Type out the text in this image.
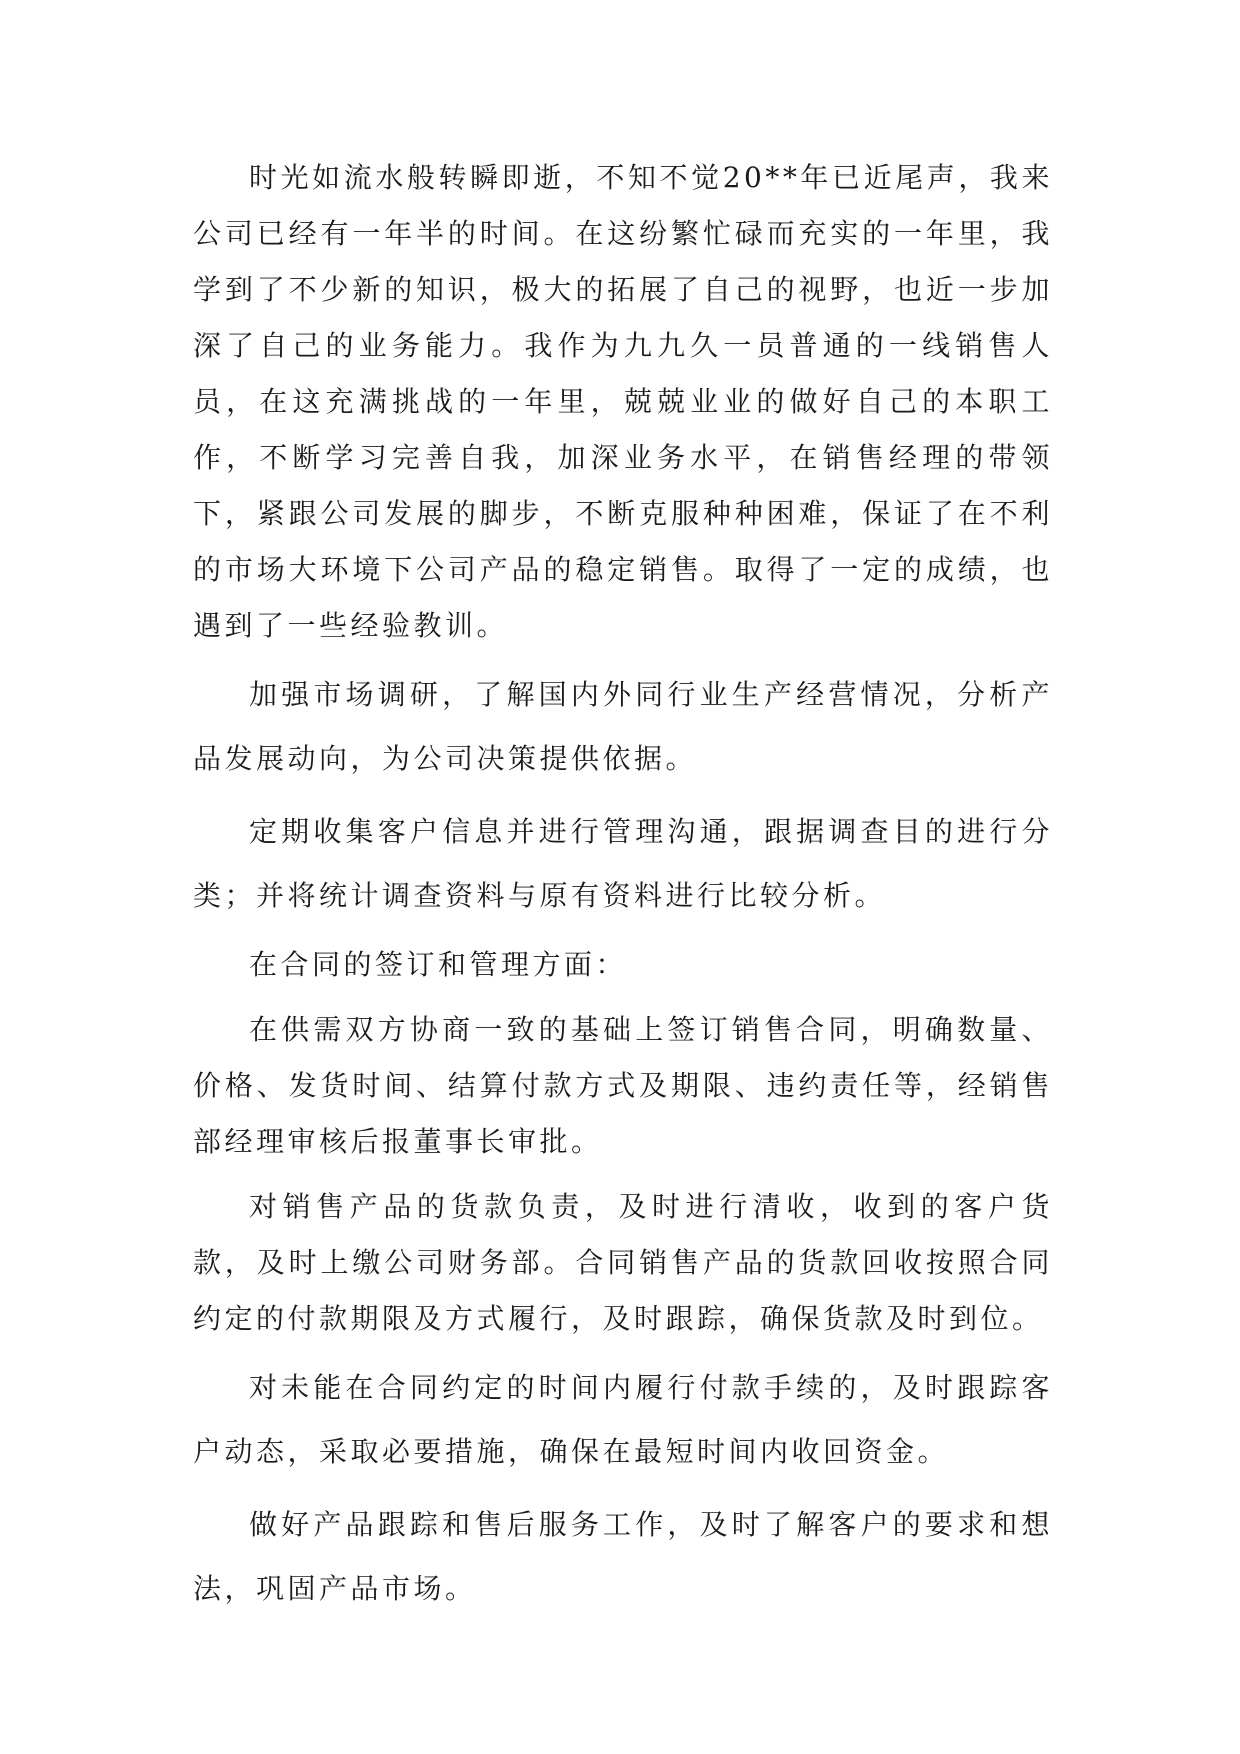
时光如流水般转瞬即逝，不知不觉20**年已近尾声，我来公司已经有一年半的时间。在这纷繁忙碌而充实的一年里，我学到了不少新的知识，极大的拓展了自己的视野，也近一步加深了自己的业务能力。我作为九九久一员普通的一线销售人员，在这充满挑战的一年里，兢兢业业的做好自己的本职工作，不断学习完善自我，加深业务水平，在销售经理的带领下，紧跟公司发展的脚步，不断克服种种困难，保证了在不利的市场大环境下公司产品的稳定销售。取得了一定的成绩，也遇到了一些经验教训。

加强市场调研，了解国内外同行业生产经营情况，分析产品发展动向，为公司决策提供依据。

定期收集客户信息并进行管理沟通，跟据调查目的进行分类；并将统计调查资料与原有资料进行比较分析。

在合同的签订和管理方面：

在供需双方协商一致的基础上签订销售合同，明确数量、价格、发货时间、结算付款方式及期限、违约责任等，经销售部经理审核后报董事长审批。

对销售产品的货款负责，及时进行清收，收到的客户货款，及时上缴公司财务部。合同销售产品的货款回收按照合同约定的付款期限及方式履行，及时跟踪，确保货款及时到位。

对未能在合同约定的时间内履行付款手续的，及时跟踪客户动态，采取必要措施，确保在最短时间内收回资金。

做好产品跟踪和售后服务工作，及时了解客户的要求和想法，巩固产品市场。
